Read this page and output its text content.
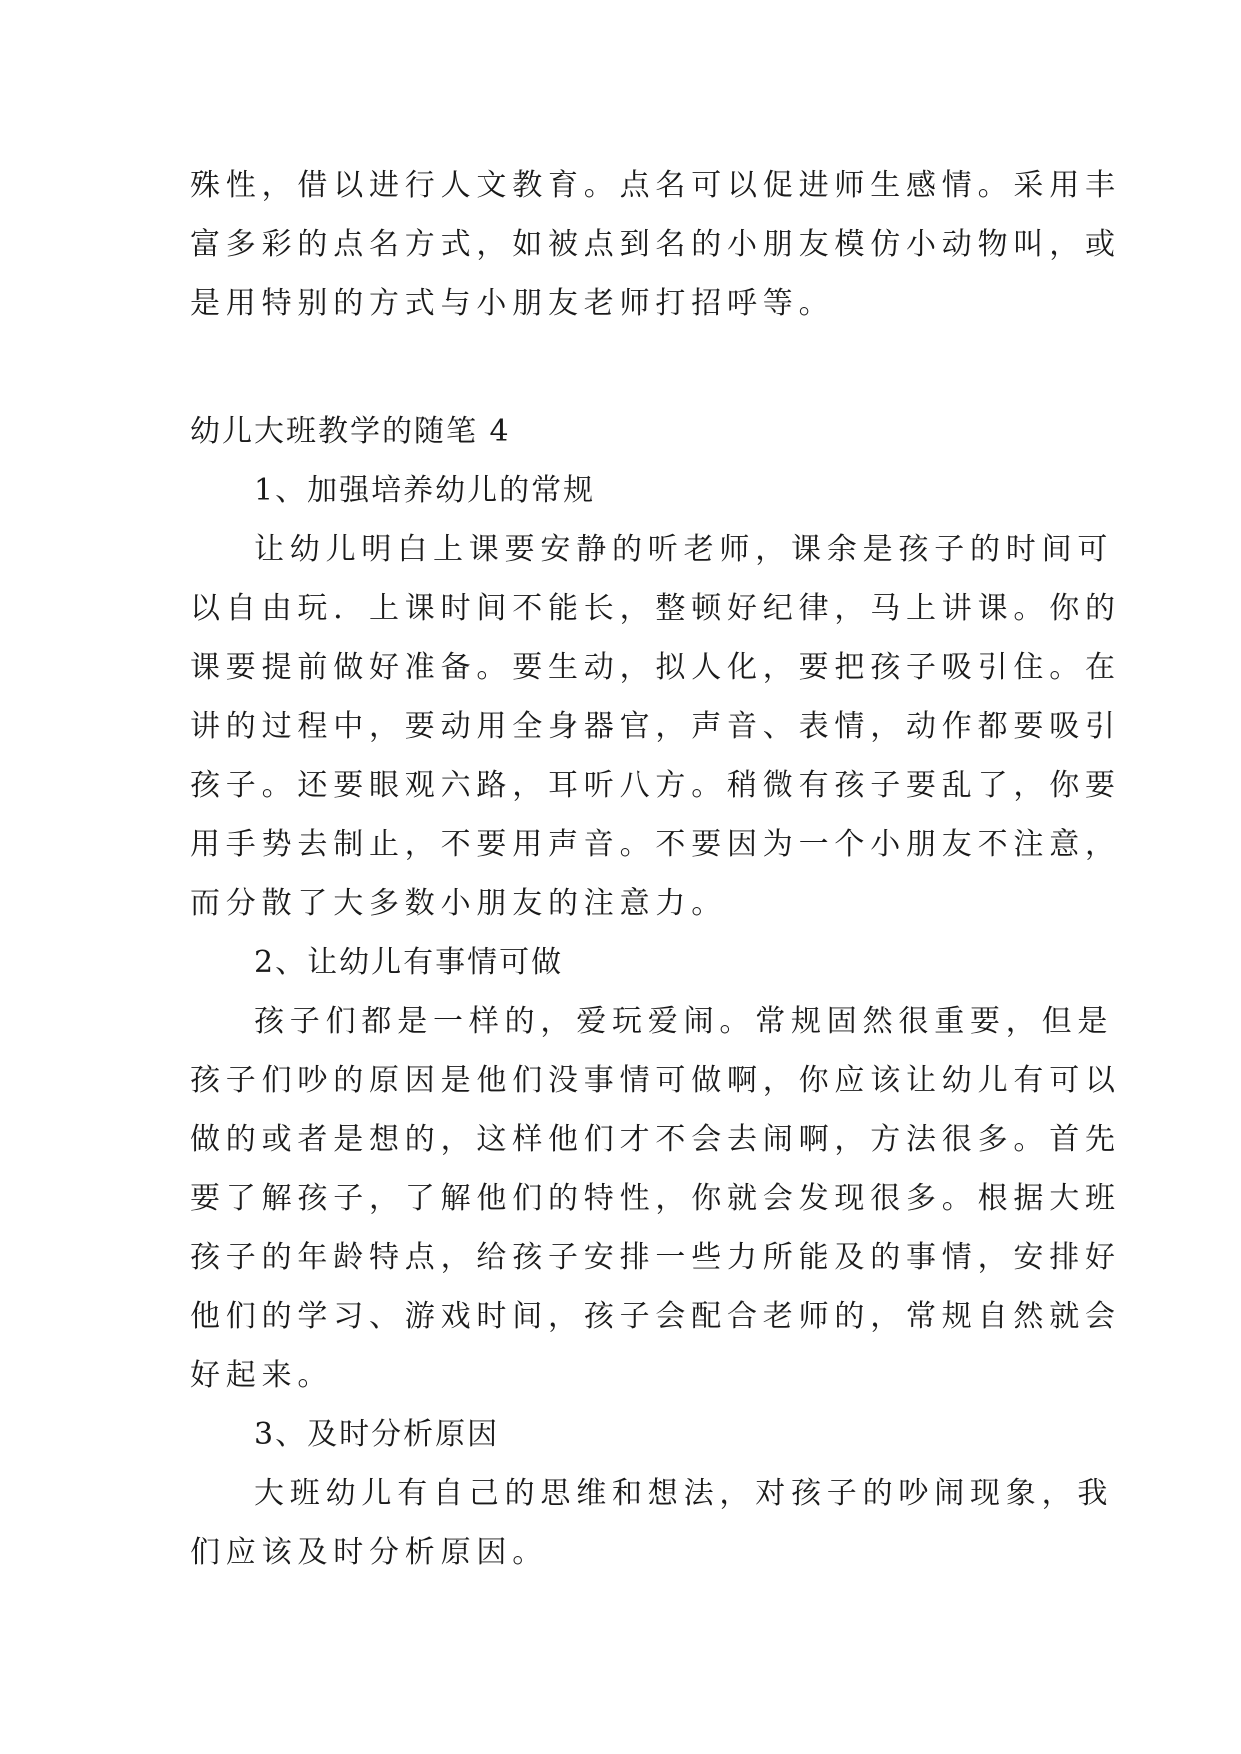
殊性，借以进行人文教育。点名可以促进师生感情。采用丰
富多彩的点名方式，如被点到名的小朋友模仿小动物叫，或
是用特别的方式与小朋友老师打招呼等。
幼儿大班教学的随笔 4
1、加强培养幼儿的常规
让幼儿明白上课要安静的听老师，课余是孩子的时间可
以自由玩．上课时间不能长，整顿好纪律，马上讲课。你的
课要提前做好准备。要生动，拟人化，要把孩子吸引住。在
讲的过程中，要动用全身器官，声音、表情，动作都要吸引
孩子。还要眼观六路，耳听八方。稍微有孩子要乱了，你要
用手势去制止，不要用声音。不要因为一个小朋友不注意，
而分散了大多数小朋友的注意力。
2、让幼儿有事情可做
孩子们都是一样的，爱玩爱闹。常规固然很重要，但是
孩子们吵的原因是他们没事情可做啊，你应该让幼儿有可以
做的或者是想的，这样他们才不会去闹啊，方法很多。首先
要了解孩子，了解他们的特性，你就会发现很多。根据大班
孩子的年龄特点，给孩子安排一些力所能及的事情，安排好
他们的学习、游戏时间，孩子会配合老师的，常规自然就会
好起来。
3、及时分析原因
大班幼儿有自己的思维和想法，对孩子的吵闹现象，我
们应该及时分析原因。
